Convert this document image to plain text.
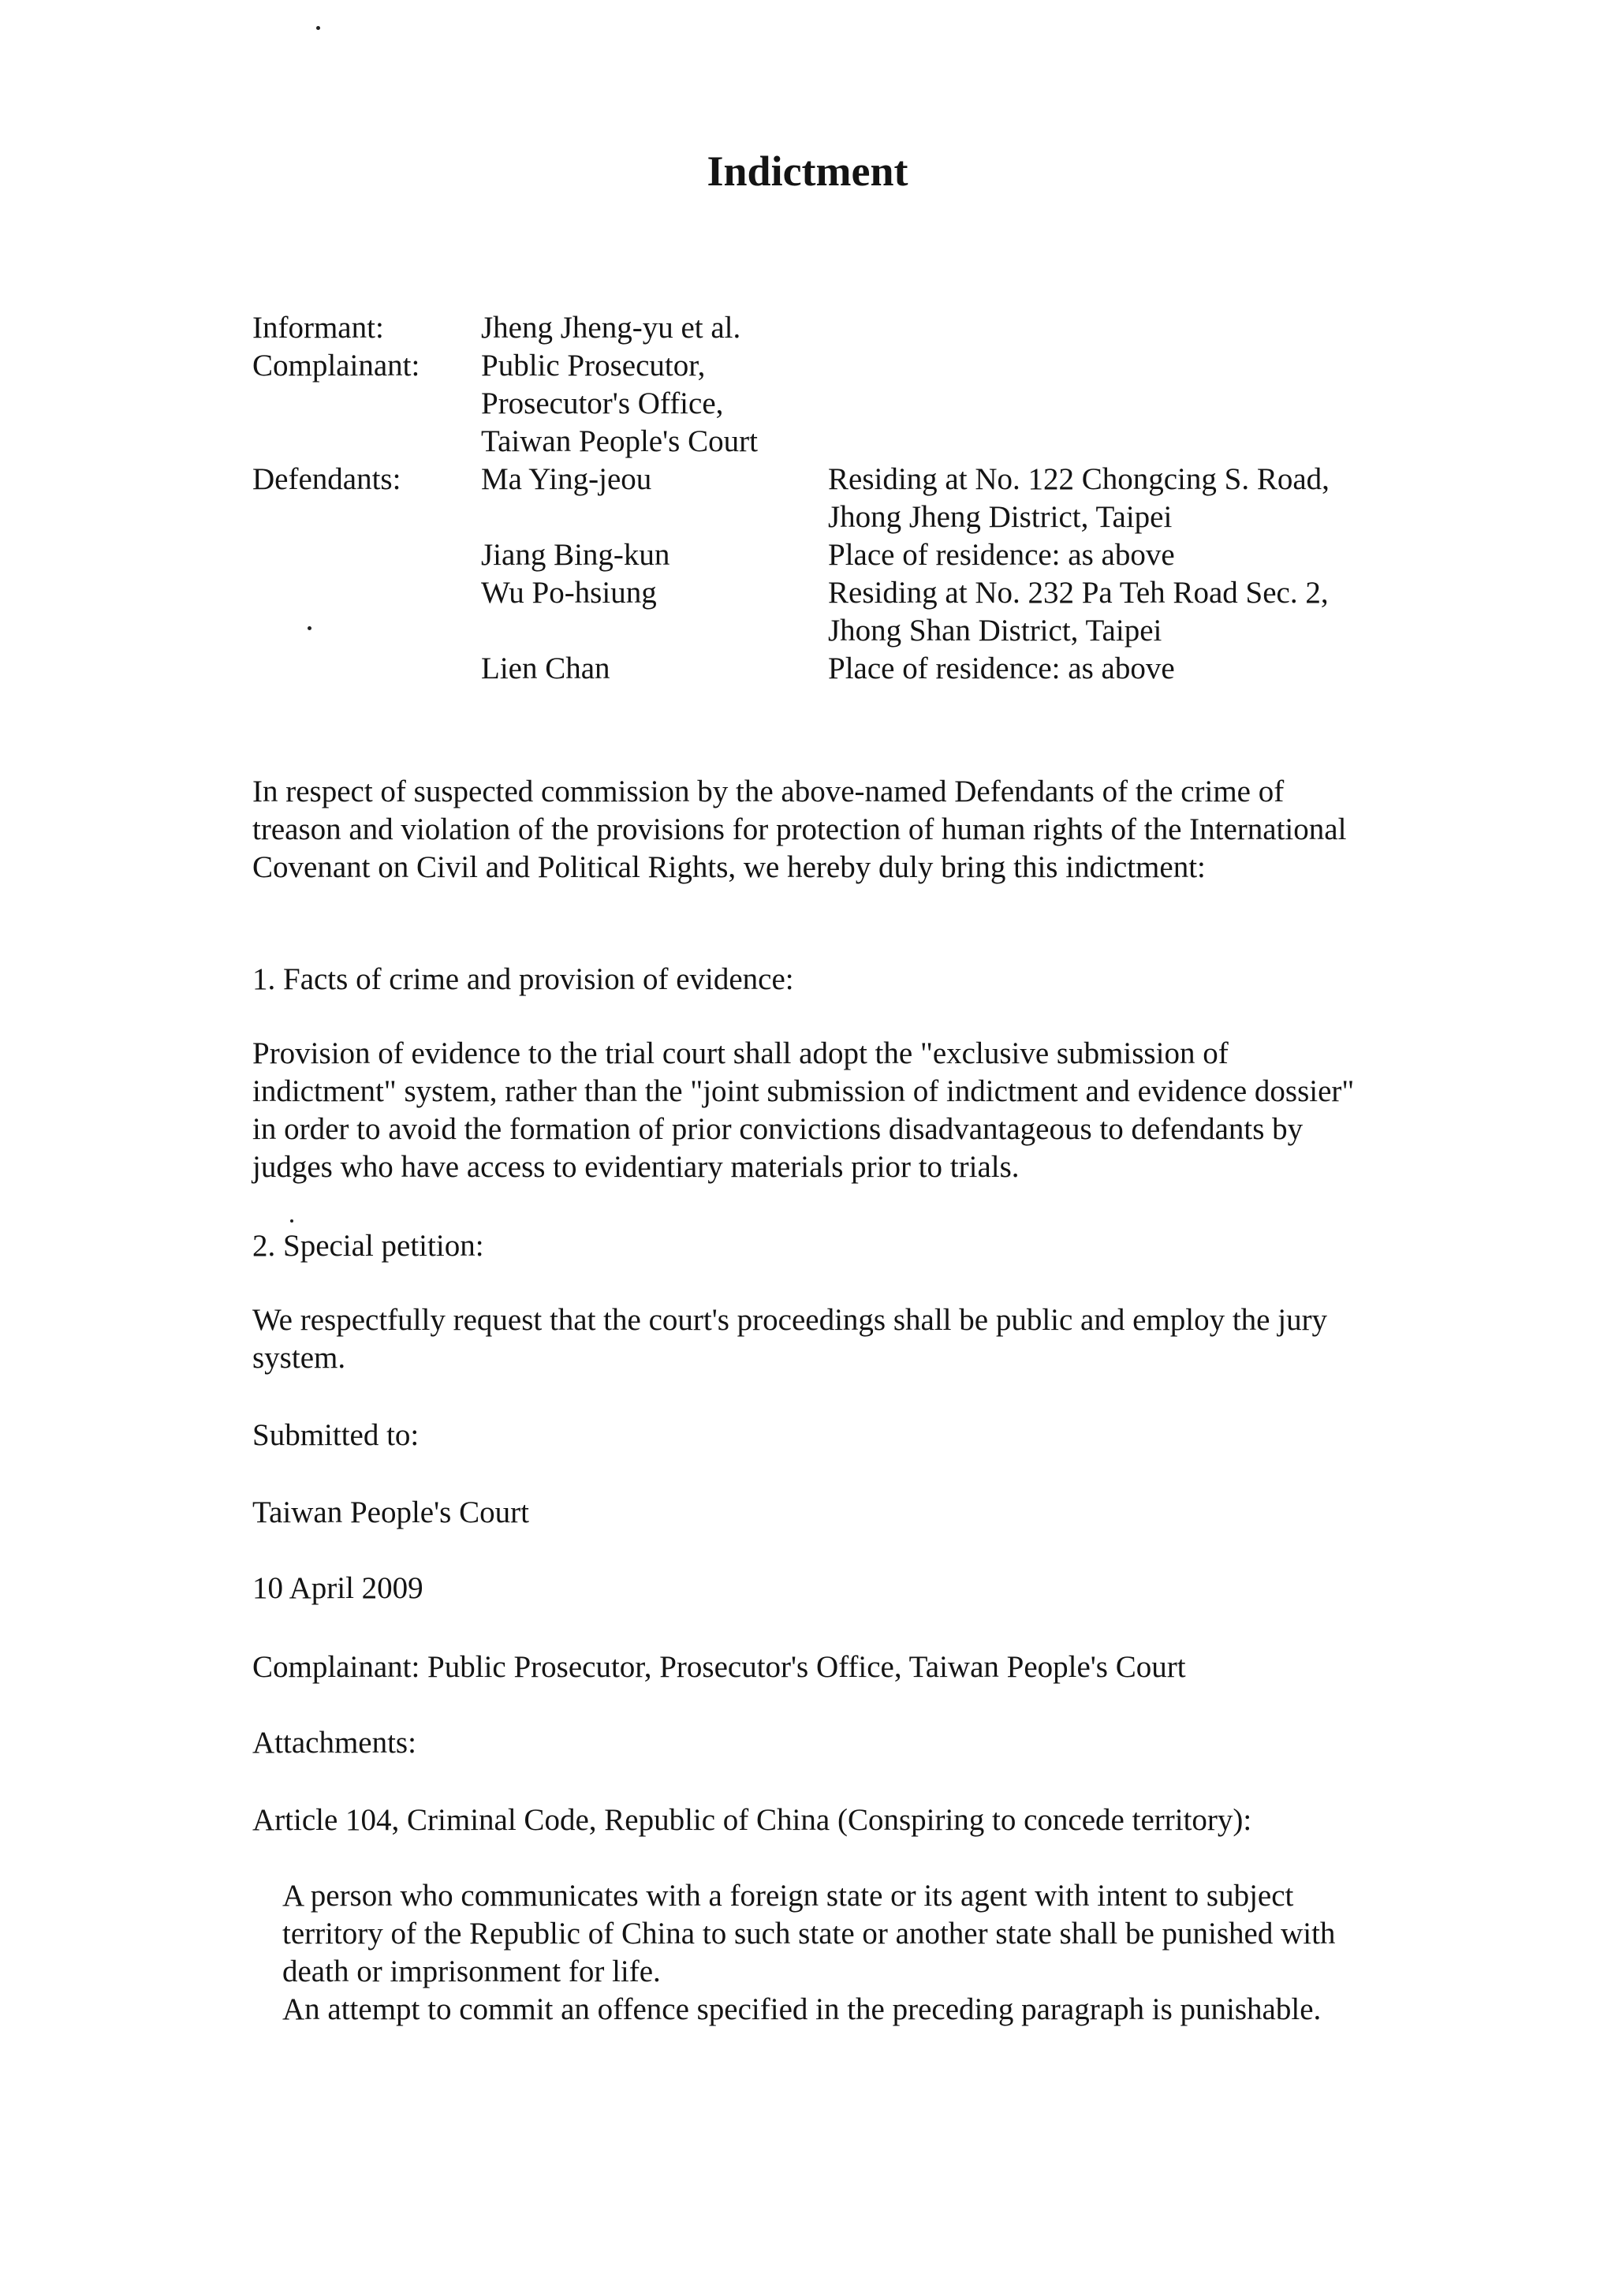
Indictment
Informant:	Jheng Jheng-yu et al.
Complainant:	Public Prosecutor,
Prosecutor's Office,
Taiwan People's Court
Defendants:	Ma Ying-jeou	Residing at No. 122 Chongcing S. Road,
Jhong Jheng District, Taipei
Jiang Bing-kun	Place of residence: as above
Wu Po-hsiung	Residing at No. 232 Pa Teh Road Sec. 2,
Jhong Shan District, Taipei
Lien Chan	Place of residence: as above
In respect of suspected commission by the above-named Defendants of the crime of treason and violation of the provisions for protection of human rights of the International Covenant on Civil and Political Rights, we hereby duly bring this indictment:
1. Facts of crime and provision of evidence:
Provision of evidence to the trial court shall adopt the "exclusive submission of indictment" system, rather than the "joint submission of indictment and evidence dossier" in order to avoid the formation of prior convictions disadvantageous to defendants by judges who have access to evidentiary materials prior to trials.
2. Special petition:
We respectfully request that the court's proceedings shall be public and employ the jury system.
Submitted to:
Taiwan People's Court
10 April 2009
Complainant: Public Prosecutor, Prosecutor's Office, Taiwan People's Court
Attachments:
Article 104, Criminal Code, Republic of China (Conspiring to concede territory):
A person who communicates with a foreign state or its agent with intent to subject territory of the Republic of China to such state or another state shall be punished with death or imprisonment for life.
An attempt to commit an offence specified in the preceding paragraph is punishable.
